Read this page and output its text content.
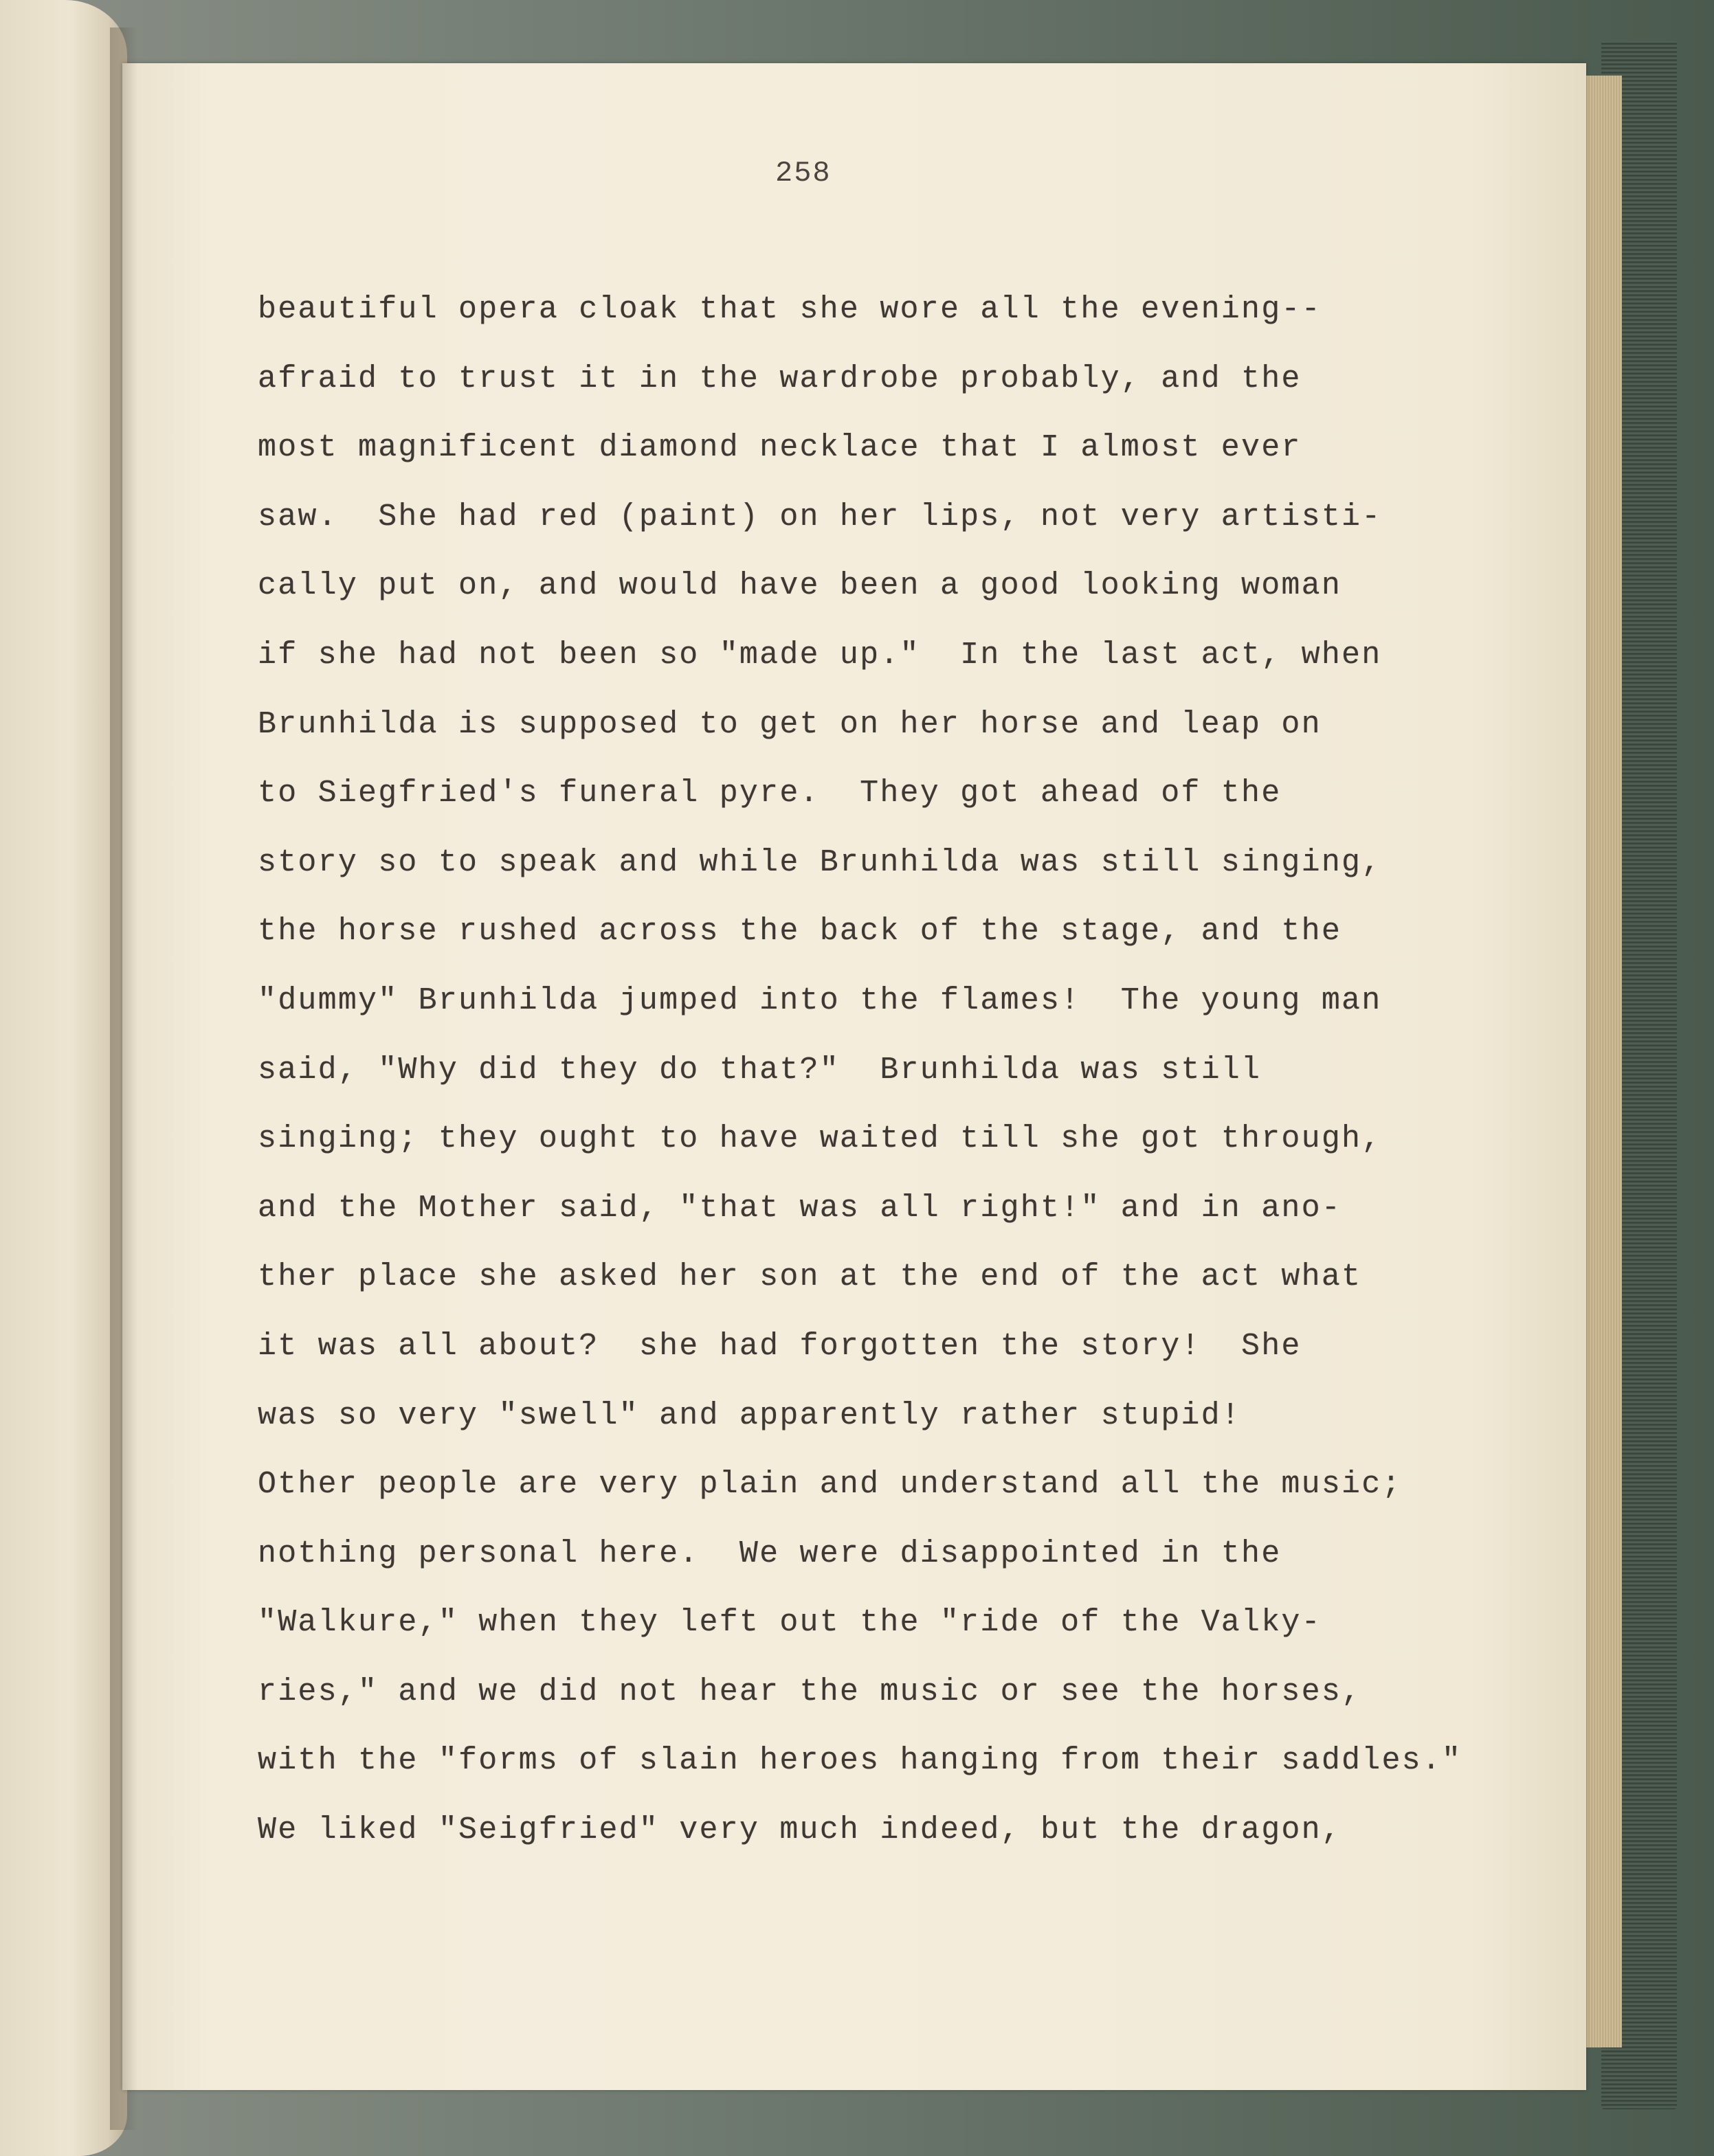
258
beautiful opera cloak that she wore all the evening--
afraid to trust it in the wardrobe probably, and the
most magnificent diamond necklace that I almost ever
saw.  She had red (paint) on her lips, not very artisti-
cally put on, and would have been a good looking woman
if she had not been so "made up."  In the last act, when
Brunhilda is supposed to get on her horse and leap on
to Siegfried's funeral pyre.  They got ahead of the
story so to speak and while Brunhilda was still singing,
the horse rushed across the back of the stage, and the
"dummy" Brunhilda jumped into the flames!  The young man
said, "Why did they do that?"  Brunhilda was still
singing; they ought to have waited till she got through,
and the Mother said, "that was all right!" and in ano-
ther place she asked her son at the end of the act what
it was all about?  she had forgotten the story!  She
was so very "swell" and apparently rather stupid!
Other people are very plain and understand all the music;
nothing personal here.  We were disappointed in the
"Walkure," when they left out the "ride of the Valky-
ries," and we did not hear the music or see the horses,
with the "forms of slain heroes hanging from their saddles."
We liked "Seigfried" very much indeed, but the dragon,
